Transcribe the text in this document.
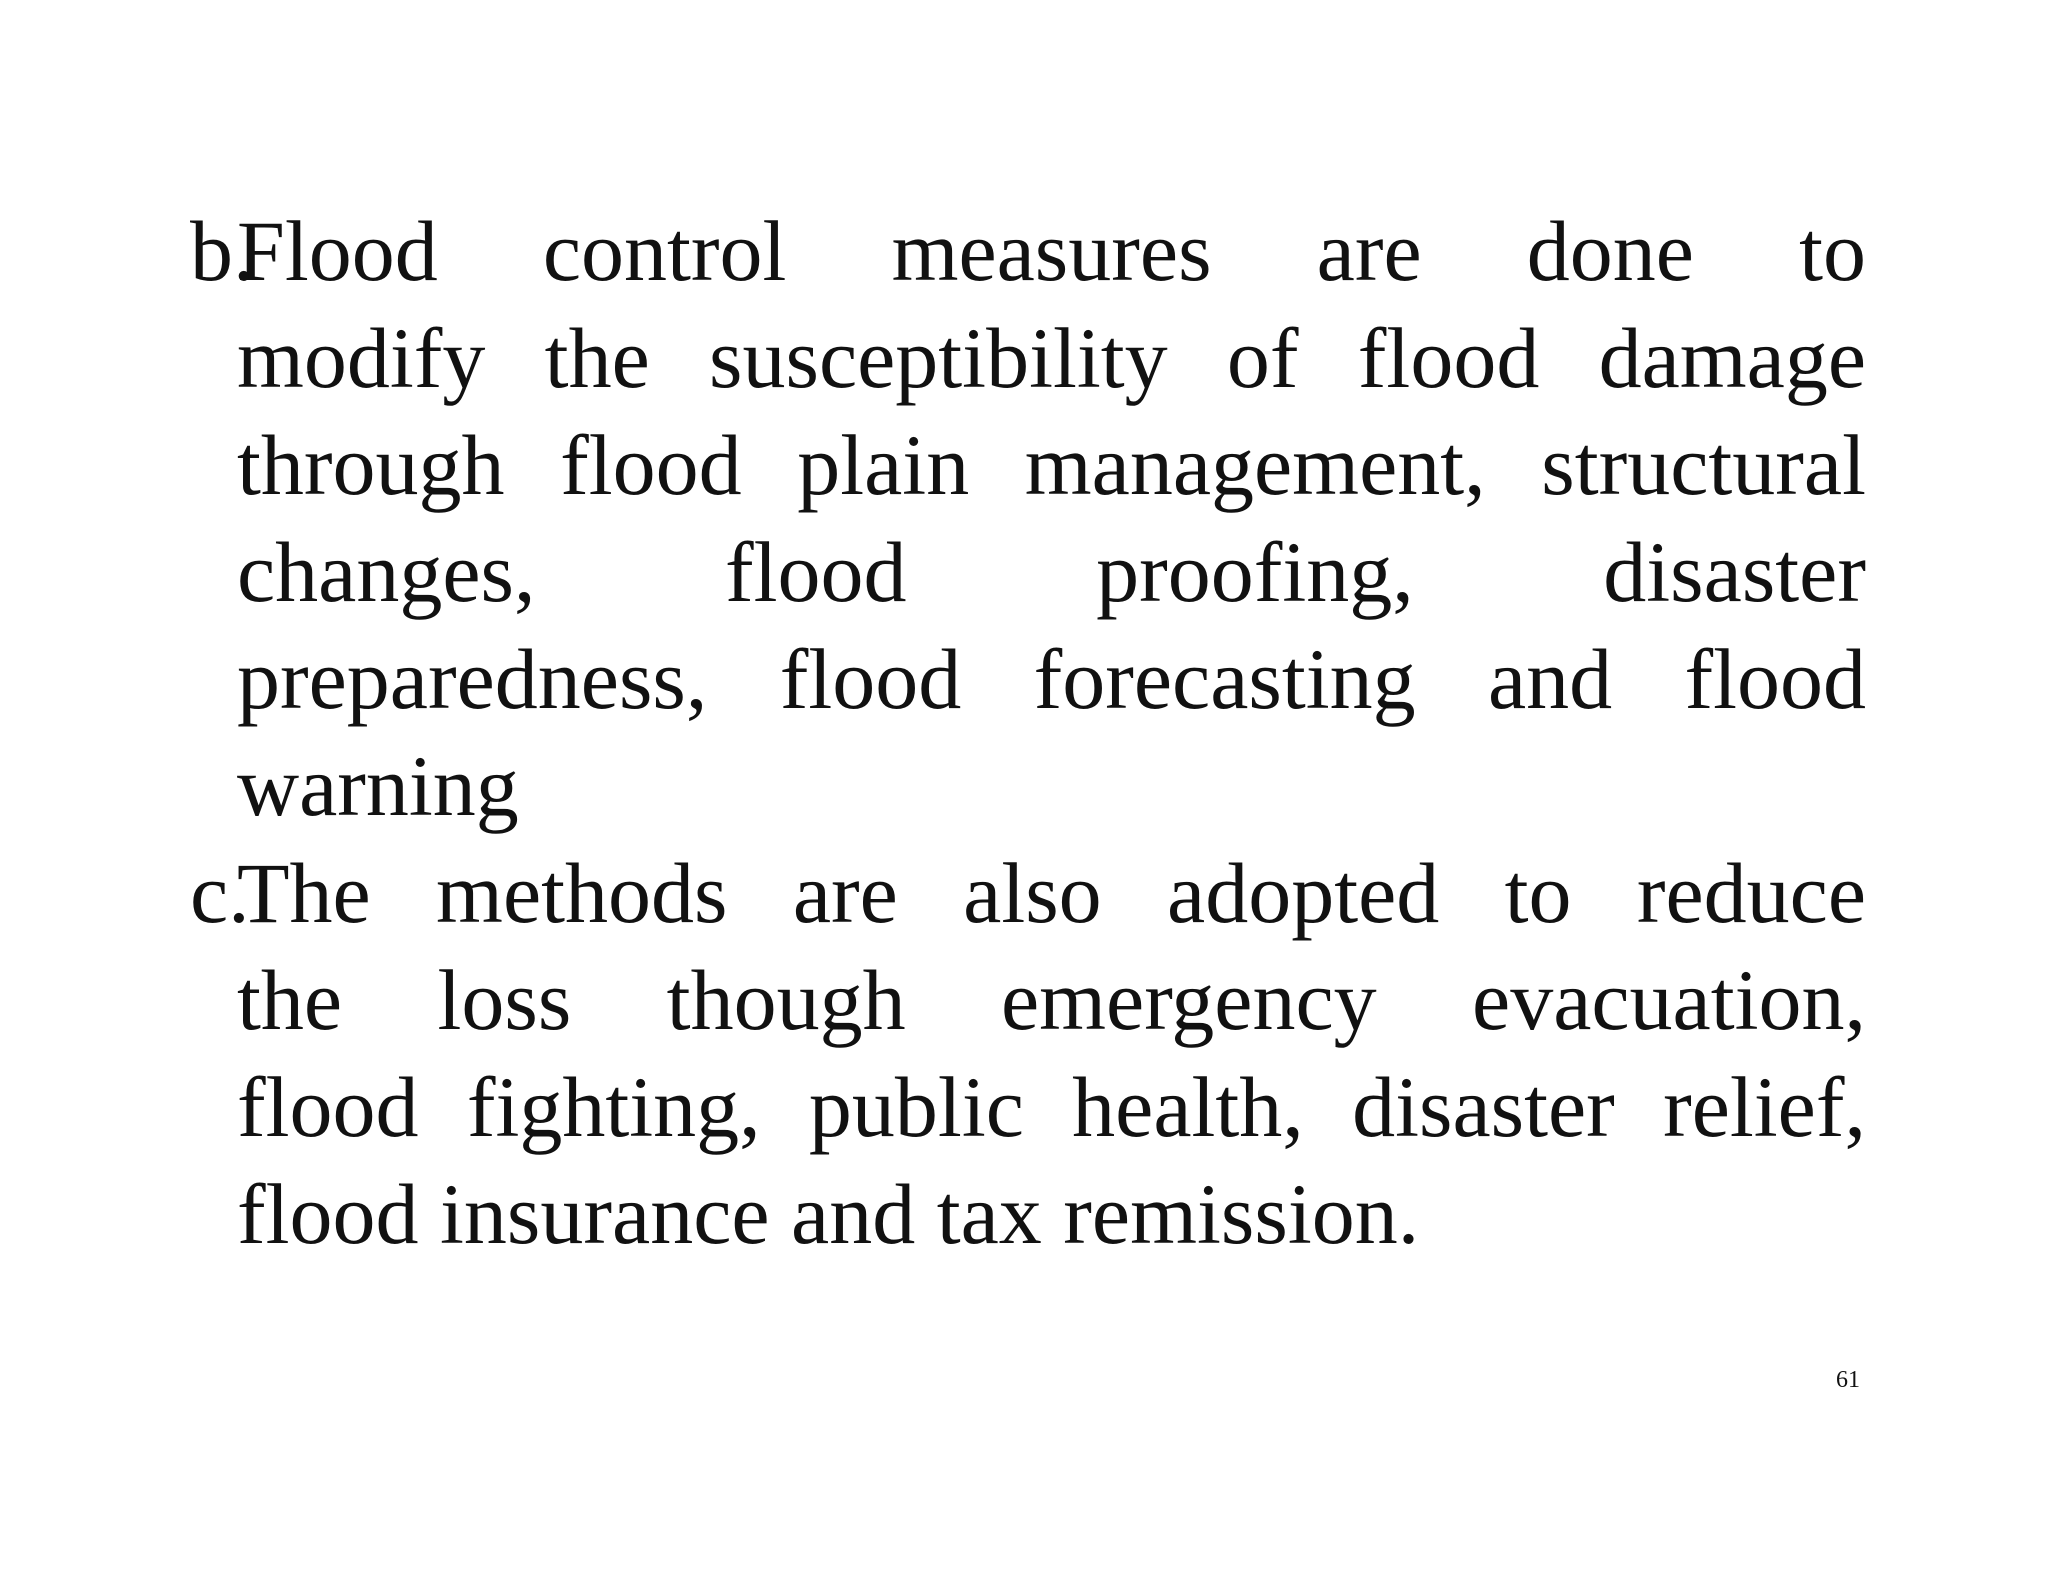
b.
Flood control measures are done to
modify the susceptibility of flood damage
through flood plain management, structural
changes, flood proofing, disaster
preparedness, flood forecasting and flood
warning
c.
The methods are also adopted to reduce
the loss though emergency evacuation,
flood fighting, public health, disaster relief,
flood insurance and tax remission.
61
